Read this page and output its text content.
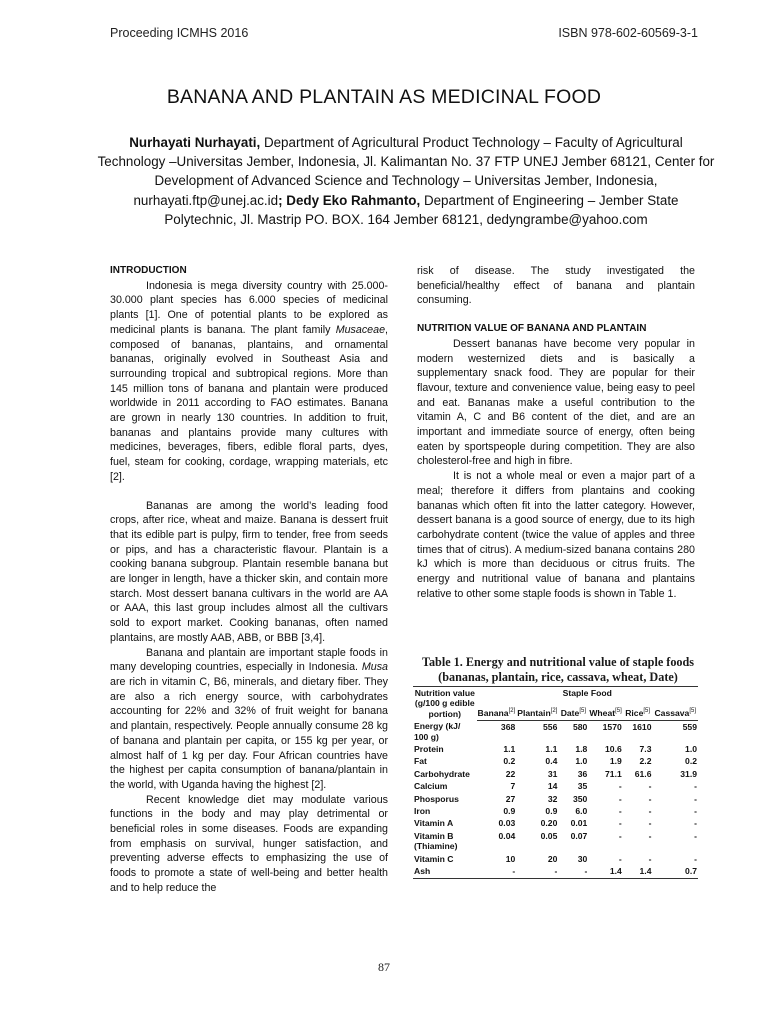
Proceeding ICMHS 2016	ISBN 978-602-60569-3-1
BANANA AND PLANTAIN AS MEDICINAL FOOD
Nurhayati Nurhayati, Department of Agricultural Product Technology – Faculty of Agricultural Technology –Universitas Jember, Indonesia, Jl. Kalimantan No. 37 FTP UNEJ Jember 68121, Center for Development of Advanced Science and Technology – Universitas Jember, Indonesia, nurhayati.ftp@unej.ac.id; Dedy Eko Rahmanto, Department of Engineering – Jember State Polytechnic, Jl. Mastrip PO. BOX. 164 Jember 68121, dedyngrambe@yahoo.com
INTRODUCTION

Indonesia is mega diversity country with 25.000-30.000 plant species has 6.000 species of medicinal plants [1]. One of potential plants to be explored as medicinal plants is banana. The plant family Musaceae, composed of bananas, plantains, and ornamental bananas, originally evolved in Southeast Asia and surrounding tropical and subtropical regions. More than 145 million tons of banana and plantain were produced worldwide in 2011 according to FAO estimates. Banana are grown in nearly 130 countries. In addition to fruit, bananas and plantains provide many cultures with medicines, beverages, fibers, edible floral parts, dyes, fuel, steam for cooking, cordage, wrapping materials, etc [2].

Bananas are among the world’s leading food crops, after rice, wheat and maize. Banana is dessert fruit that its edible part is pulpy, firm to tender, free from seeds or pips, and has a characteristic flavour. Plantain is a cooking banana subgroup. Plantain resemble banana but are longer in length, have a thicker skin, and contain more starch. Most dessert banana cultivars in the world are AA or AAA, this last group includes almost all the cultivars sold to export market. Cooking bananas, often named plantains, are mostly AAB, ABB, or BBB [3,4].

Banana and plantain are important staple foods in many developing countries, especially in Indonesia. Musa are rich in vitamin C, B6, minerals, and dietary fiber. They are also a rich energy source, with carbohydrates accounting for 22% and 32% of fruit weight for banana and plantain, respectively. People annually consume 28 kg of banana and plantain per capita, or 155 kg per year, or almost half of 1 kg per day. Four African countries have the highest per capita consumption of banana/plantain in the world, with Uganda having the highest [2].

Recent knowledge diet may modulate various functions in the body and may play detrimental or beneficial roles in some diseases. Foods are expanding from emphasis on survival, hunger satisfaction, and preventing adverse effects to emphasizing the use of foods to promote a state of well-being and better health and to help reduce the

risk of disease. The study investigated the beneficial/healthy effect of banana and plantain consuming.

NUTRITION VALUE OF BANANA AND PLANTAIN

Dessert bananas have become very popular in modern westernized diets and is basically a supplementary snack food. They are popular for their flavour, texture and convenience value, being easy to peel and eat. Bananas make a useful contribution to the vitamin A, C and B6 content of the diet, and are an important and immediate source of energy, often being eaten by sportspeople during competition. They are also cholesterol-free and high in fibre.

It is not a whole meal or even a major part of a meal; therefore it differs from plantains and cooking bananas which often fit into the latter category. However, dessert banana is a good source of energy, due to its high carbohydrate content (twice the value of apples and three times that of citrus). A medium-sized banana contains 280 kJ which is more than deciduous or citrus fruits. The energy and nutritional value of banana and plantains relative to other some staple foods is shown in Table 1.

Table 1. Energy and nutritional value of staple foods (bananas, plantain, rice, cassava, wheat, Date)
Nutrition value (g/100 g edible portion)	Staple Food					
	Banana[2]	Plantain[2]	Date[5]	Wheat[5]	Rice[5]	Cassava[5]
Energy (kJ/ 100 g)	368	556	580	1570	1610	559
Protein	1.1	1.1	1.8	10.6	7.3	1.0
Fat	0.2	0.4	1.0	1.9	2.2	0.2
Carbohydrate	22	31	36	71.1	61.6	31.9
Calcium	7	14	35	-	-	-
Phosporus	27	32	350	-	-	-
Iron	0.9	0.9	6.0	-	-	-
Vitamin A	0.03	0.20	0.01	-	-	-
Vitamin B (Thiamine)	0.04	0.05	0.07	-	-	-
Vitamin C	10	20	30	-	-	-
Ash	-	-	-	1.4	1.4	0.7
87
